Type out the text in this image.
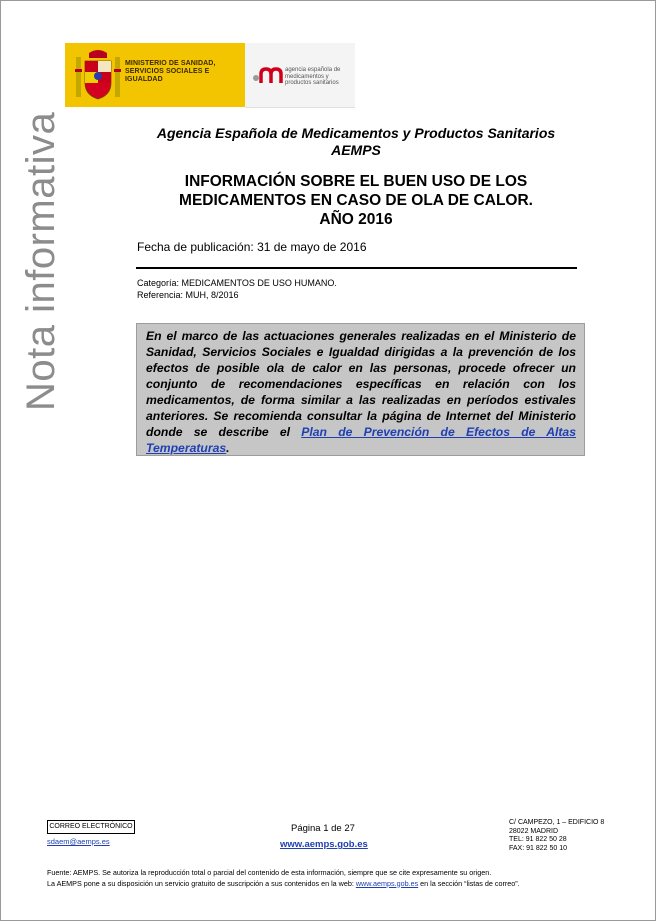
MINISTERIO DE SANIDAD, SERVICIOS SOCIALES E IGUALDAD
agencia española de medicamentos y productos sanitarios
Nota informativa	Agencia Española de Medicamentos y Productos Sanitarios
AEMPS
INFORMACIÓN SOBRE EL BUEN USO DE LOS
MEDICAMENTOS EN CASO DE OLA DE CALOR.
AÑO 2016
Fecha de publicación: 31 de mayo de 2016
Categoría: MEDICAMENTOS DE USO HUMANO.
Referencia: MUH, 8/2016
En el marco de las actuaciones generales realizadas en el Ministerio de Sanidad, Servicios Sociales e Igualdad dirigidas a la prevención de los efectos de posible ola de calor en las personas, procede ofrecer un conjunto de recomendaciones específicas en relación con los medicamentos, de forma similar a las realizadas en períodos estivales anteriores. Se recomienda consultar la página de Internet del Ministerio donde se describe el Plan de Prevención de Efectos de Altas Temperaturas.
CORREO ELECTRÓNICO
sdaem@aemps.es
Página 1 de 27
www.aemps.gob.es
C/ CAMPEZO, 1 – EDIFICIO 8
28022 MADRID
TEL: 91 822 50 28
FAX: 91 822 50 10
Fuente: AEMPS. Se autoriza la reproducción total o parcial del contenido de esta información, siempre que se cite expresamente su origen.
La AEMPS pone a su disposición un servicio gratuito de suscripción a sus contenidos en la web: www.aemps.gob.es en la sección “listas de correo”.
